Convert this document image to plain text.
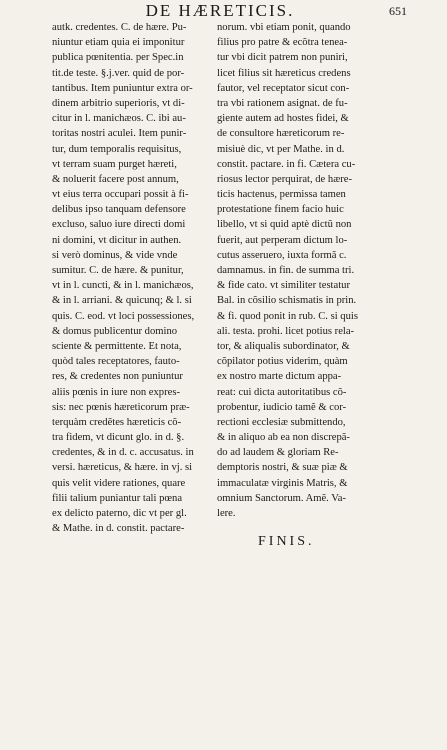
DE HÆRETICIS.	651
autk. credentes. C. de hære. Pu-
niuntur etiam quia ei imponitur
publica pœnitentia. per Spec.in
tit.de teste. §.j.ver. quid de por-
tantibus. Item puniuntur extra or-
dinem arbitrio superioris, vt di-
citur in l. manichæos. C. ibi au-
toritas nostri aculei. Item punir-
tur, dum temporalis requisitus,
vt terram suam purget hæreti,
& noluerit facere post annum,
vt eius terra occupari possit à fi-
delibus ipso tanquam defensore
excluso, saluo iure directi domi
ni domini, vt dicitur in authen.
si verò dominus, & vide vnde
sumitur. C. de hære. & punitur,
vt in l. cuncti, & in l. manichæos,
& in l. arriani. & quicunq; & l. si
quis. C. eod. vt loci possessiones,
& domus publicentur domino
sciente & permittente. Et nota,
quòd tales receptatores, fauto-
res, & credentes non puniuntur
aliis pœnis in iure non expres-
sis: nec pœnis hæreticorum præ-
terquàm credẽtes hæreticis cõ-
tra fidem, vt dicunt glo. in d. §.
credentes, & in d. c. accusatus. in
versi. hæreticus, & hære. in vj. si
quis velit videre rationes, quare
filii talium puniantur tali pœna
ex delicto paterno, dic vt per gl.
& Mathe. in d. constit. pactare-
norum. vbi etiam ponit, quando
filius pro patre & ecõtra tenea-
tur vbi dicit patrem non puniri,
licet filius sit hæreticus credens
fautor, vel receptator sicut con-
tra vbi rationem asignat. de fu-
giente autem ad hostes fidei, &
de consultore hæreticorum re-
misiuè dic, vt per Mathe. in d.
constit. pactare. in fi. Cætera cu-
riosus lector perquirat, de hære-
ticis hactenus, permissa tamen
protestatione finem facio huic
libello, vt si quid aptè dictũ non
fuerit, aut perperam dictum lo-
cutus asseruero, iuxta formã c.
damnamus. in fin. de summa tri.
& fide cato. vt similiter testatur
Bal. in cõsilio schismatis in prin.
& fi. quod ponit in rub. C. si quis
ali. testa. prohi. licet potius rela-
tor, & aliqualis subordinator, &
cõpilator potius viderim, quàm
ex nostro marte dictum appa-
reat: cui dicta autoritatibus cõ-
probentur, iudicio tamẽ & cor-
rectioni ecclesiæ submittendo,
& in aliquo ab ea non discrepã-
do ad laudem & gloriam Re-
demptoris nostri, & suæ piæ &
immaculatæ virginis Matris, &
omnium Sanctorum. Amẽ. Va-
lere.
FINIS.
